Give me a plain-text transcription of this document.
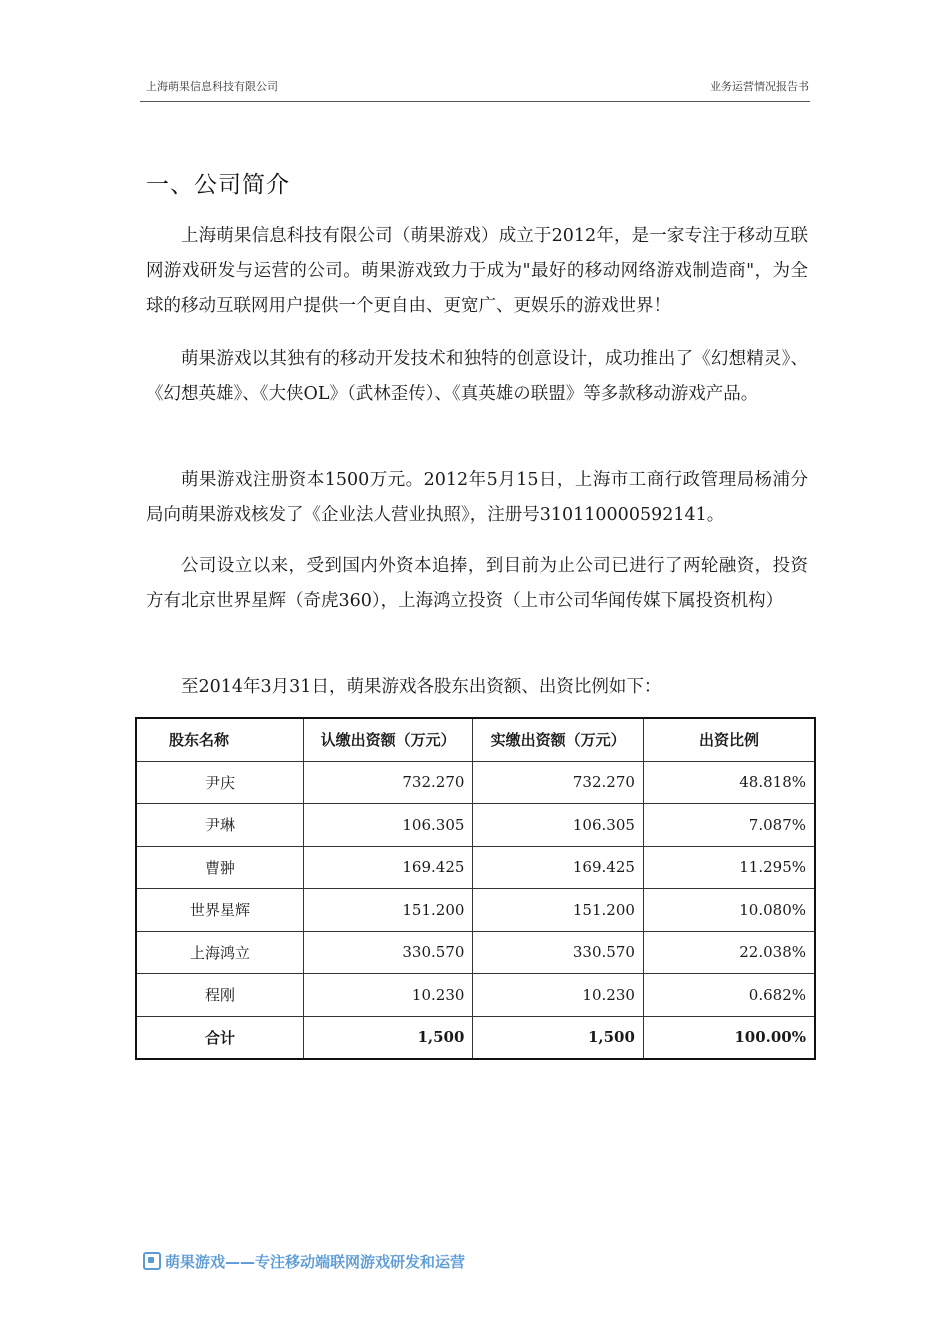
上海萌果信息科技有限公司	业务运营情况报告书
一、公司简介

上海萌果信息科技有限公司（萌果游戏）成立于2012年，是一家专注于移动互联网游戏研发与运营的公司。萌果游戏致力于成为"最好的移动网络游戏制造商"，为全球的移动互联网用户提供一个更自由、更宽广、更娱乐的游戏世界！

萌果游戏以其独有的移动开发技术和独特的创意设计，成功推出了《幻想精灵》、《幻想英雄》、《大侠OL》（武林歪传）、《真英雄の联盟》等多款移动游戏产品。

萌果游戏注册资本1500万元。2012年5月15日，上海市工商行政管理局杨浦分局向萌果游戏核发了《企业法人营业执照》，注册号310110000592141。

公司设立以来，受到国内外资本追捧，到目前为止公司已进行了两轮融资，投资方有北京世界星辉（奇虎360），上海鸿立投资（上市公司华闻传媒下属投资机构）

至2014年3月31日，萌果游戏各股东出资额、出资比例如下：

股东名称	认缴出资额（万元）	实缴出资额（万元）	出资比例
尹庆	732.270	732.270	48.818%
尹琳	106.305	106.305	7.087%
曹翀	169.425	169.425	11.295%
世界星辉	151.200	151.200	10.080%
上海鸿立	330.570	330.570	22.038%
程刚	10.230	10.230	0.682%
合计	1,500	1,500	100.00%
萌果游戏——专注移动端联网游戏研发和运营
